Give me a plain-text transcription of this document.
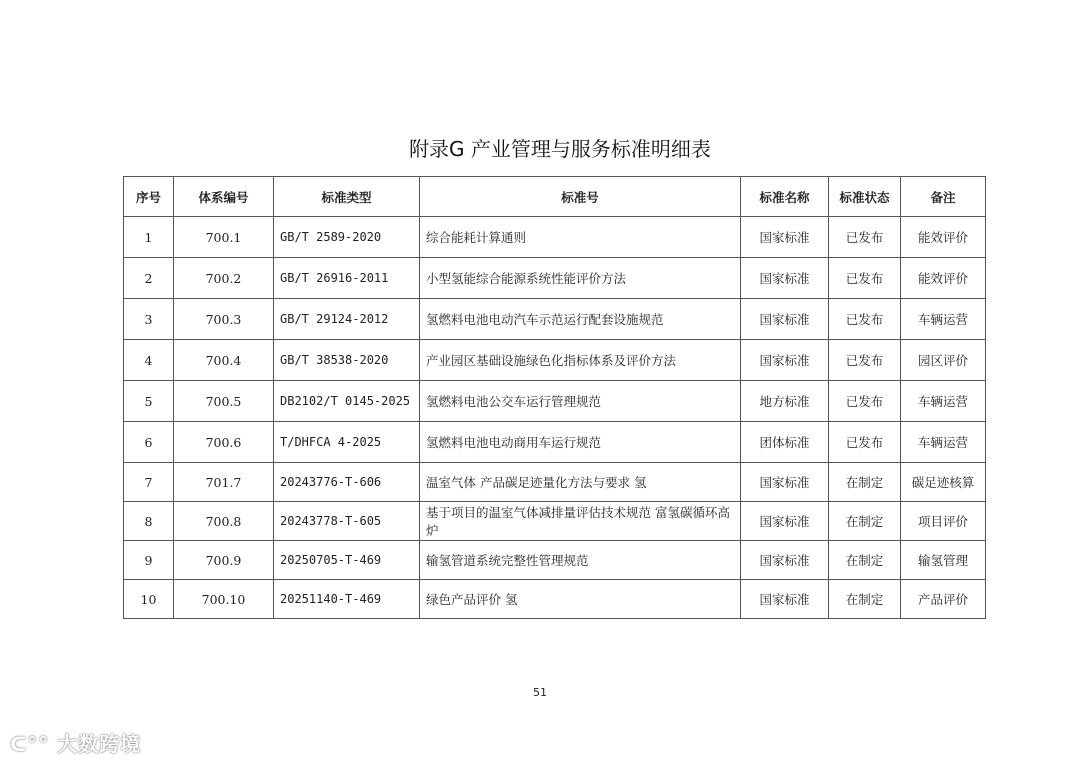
附录G 产业管理与服务标准明细表
序号	体系编号	标准类型	标准号	标准名称	标准状态	备注
1	700.1	GB/T 2589-2020	综合能耗计算通则	国家标准	已发布	能效评价
2	700.2	GB/T 26916-2011	小型氢能综合能源系统性能评价方法	国家标准	已发布	能效评价
3	700.3	GB/T 29124-2012	氢燃料电池电动汽车示范运行配套设施规范	国家标准	已发布	车辆运营
4	700.4	GB/T 38538-2020	产业园区基础设施绿色化指标体系及评价方法	国家标准	已发布	园区评价
5	700.5	DB2102/T 0145-2025	氢燃料电池公交车运行管理规范	地方标准	已发布	车辆运营
6	700.6	T/DHFCA 4-2025	氢燃料电池电动商用车运行规范	团体标准	已发布	车辆运营
7	701.7	20243776-T-606	温室气体 产品碳足迹量化方法与要求 氢	国家标准	在制定	碳足迹核算
8	700.8	20243778-T-605	基于项目的温室气体减排量评估技术规范 富氢碳循环高炉	国家标准	在制定	项目评价
9	700.9	20250705-T-469	输氢管道系统完整性管理规范	国家标准	在制定	输氢管理
10	700.10	20251140-T-469	绿色产品评价 氢	国家标准	在制定	产品评价
51
ᑕ°° 大数跨境
